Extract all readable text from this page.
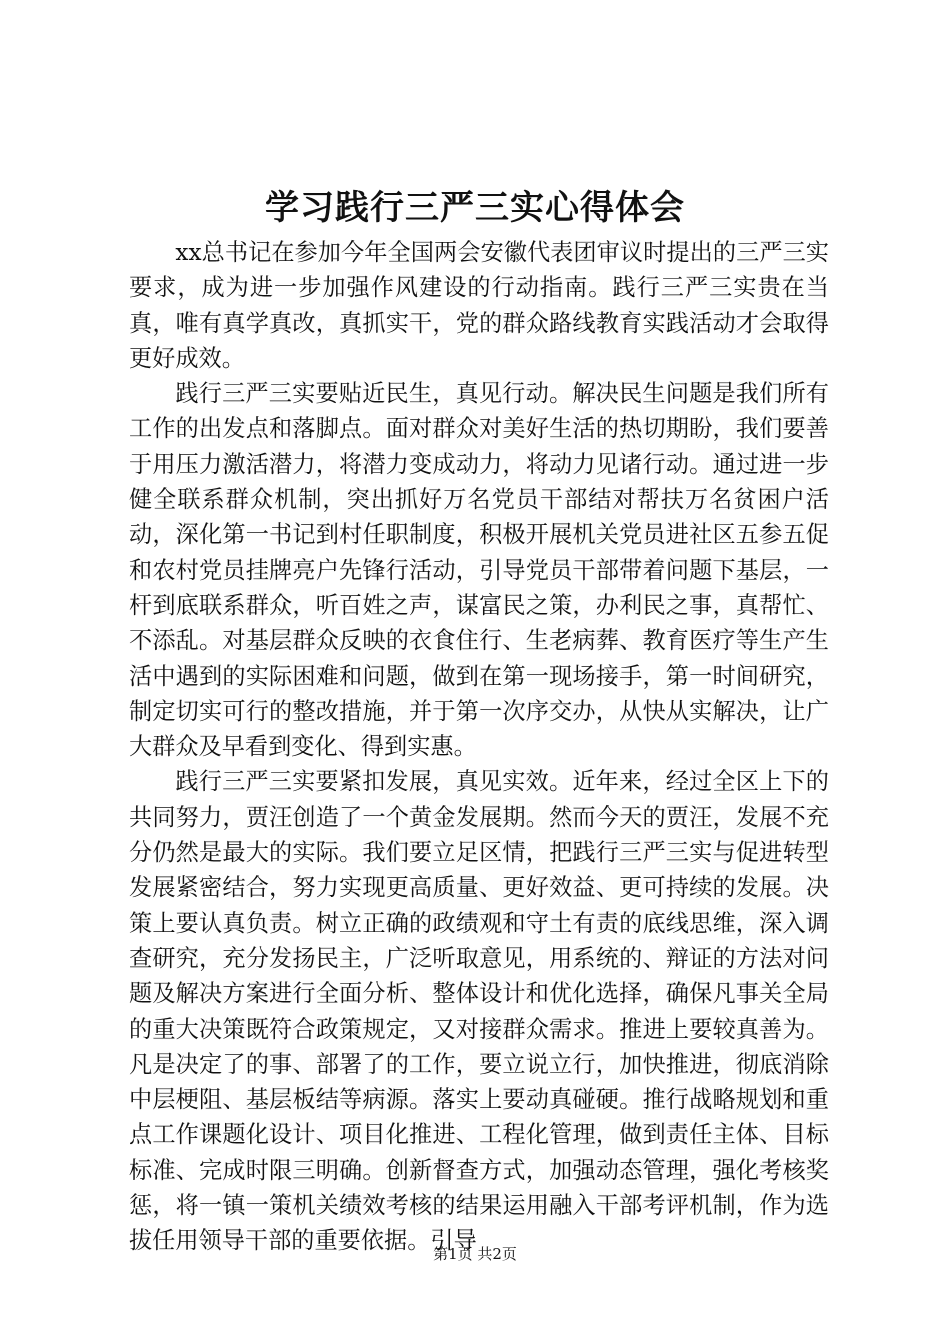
学习践行三严三实心得体会

xx总书记在参加今年全国两会安徽代表团审议时提出的三严三实要求，成为进一步加强作风建设的行动指南。践行三严三实贵在当真，唯有真学真改，真抓实干，党的群众路线教育实践活动才会取得更好成效。

践行三严三实要贴近民生，真见行动。解决民生问题是我们所有工作的出发点和落脚点。面对群众对美好生活的热切期盼，我们要善于用压力激活潜力，将潜力变成动力，将动力见诸行动。通过进一步健全联系群众机制，突出抓好万名党员干部结对帮扶万名贫困户活动，深化第一书记到村任职制度，积极开展机关党员进社区五参五促和农村党员挂牌亮户先锋行活动，引导党员干部带着问题下基层，一杆到底联系群众，听百姓之声，谋富民之策，办利民之事，真帮忙、不添乱。对基层群众反映的衣食住行、生老病葬、教育医疗等生产生活中遇到的实际困难和问题，做到在第一现场接手，第一时间研究，制定切实可行的整改措施，并于第一次序交办，从快从实解决，让广大群众及早看到变化、得到实惠。

践行三严三实要紧扣发展，真见实效。近年来，经过全区上下的共同努力，贾汪创造了一个黄金发展期。然而今天的贾汪，发展不充分仍然是最大的实际。我们要立足区情，把践行三严三实与促进转型发展紧密结合，努力实现更高质量、更好效益、更可持续的发展。决策上要认真负责。树立正确的政绩观和守土有责的底线思维，深入调查研究，充分发扬民主，广泛听取意见，用系统的、辩证的方法对问题及解决方案进行全面分析、整体设计和优化选择，确保凡事关全局的重大决策既符合政策规定，又对接群众需求。推进上要较真善为。凡是决定了的事、部署了的工作，要立说立行，加快推进，彻底消除中层梗阻、基层板结等病源。落实上要动真碰硬。推行战略规划和重点工作课题化设计、项目化推进、工程化管理，做到责任主体、目标标准、完成时限三明确。创新督查方式，加强动态管理，强化考核奖惩，将一镇一策机关绩效考核的结果运用融入干部考评机制，作为选拔任用领导干部的重要依据。引导

第1页 共2页
